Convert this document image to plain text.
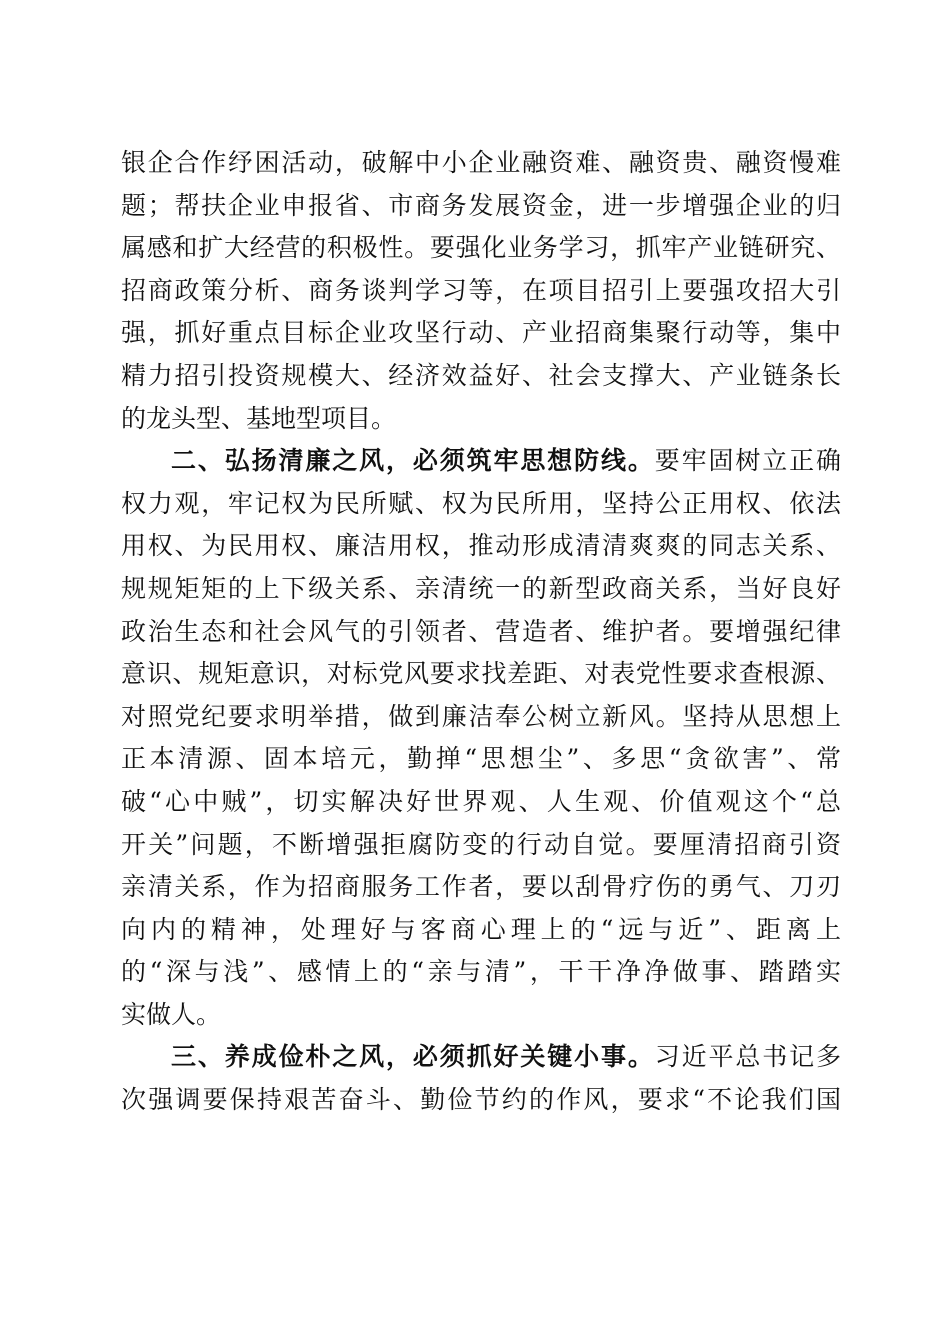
银企合作纾困活动，破解中小企业融资难、融资贵、融资慢难
题；帮扶企业申报省、市商务发展资金，进一步增强企业的归
属感和扩大经营的积极性。要强化业务学习，抓牢产业链研究、
招商政策分析、商务谈判学习等，在项目招引上要强攻招大引
强，抓好重点目标企业攻坚行动、产业招商集聚行动等，集中
精力招引投资规模大、经济效益好、社会支撑大、产业链条长
的龙头型、基地型项目。
二、弘扬清廉之风，必须筑牢思想防线。要牢固树立正确
权力观，牢记权为民所赋、权为民所用，坚持公正用权、依法
用权、为民用权、廉洁用权，推动形成清清爽爽的同志关系、
规规矩矩的上下级关系、亲清统一的新型政商关系，当好良好
政治生态和社会风气的引领者、营造者、维护者。要增强纪律
意识、规矩意识，对标党风要求找差距、对表党性要求查根源、
对照党纪要求明举措，做到廉洁奉公树立新风。坚持从思想上
正本清源、固本培元，勤掸“思想尘”、多思“贪欲害”、常
破“心中贼”，切实解决好世界观、人生观、价值观这个“总
开关”问题，不断增强拒腐防变的行动自觉。要厘清招商引资
亲清关系，作为招商服务工作者，要以刮骨疗伤的勇气、刀刃
向内的精神，处理好与客商心理上的“远与近”、距离上
的“深与浅”、感情上的“亲与清”，干干净净做事、踏踏实
实做人。
三、养成俭朴之风，必须抓好关键小事。习近平总书记多
次强调要保持艰苦奋斗、勤俭节约的作风，要求“不论我们国
